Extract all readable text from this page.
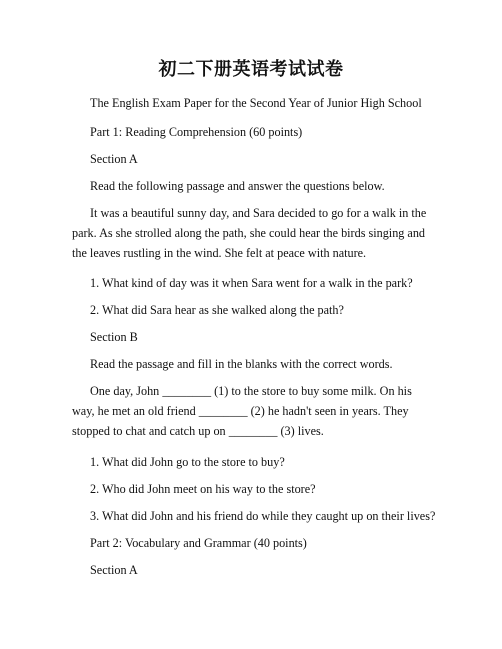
初二下册英语考试试卷

The English Exam Paper for the Second Year of Junior High School

Part 1: Reading Comprehension (60 points)

Section A

Read the following passage and answer the questions below.

It was a beautiful sunny day, and Sara decided to go for a walk in the park. As she strolled along the path, she could hear the birds singing and the leaves rustling in the wind. She felt at peace with nature.

1. What kind of day was it when Sara went for a walk in the park?

2. What did Sara hear as she walked along the path?

Section B

Read the passage and fill in the blanks with the correct words.

One day, John ________ (1) to the store to buy some milk. On his way, he met an old friend ________ (2) he hadn't seen in years. They stopped to chat and catch up on ________ (3) lives.

1. What did John go to the store to buy?

2. Who did John meet on his way to the store?

3. What did John and his friend do while they caught up on their lives?

Part 2: Vocabulary and Grammar (40 points)

Section A
